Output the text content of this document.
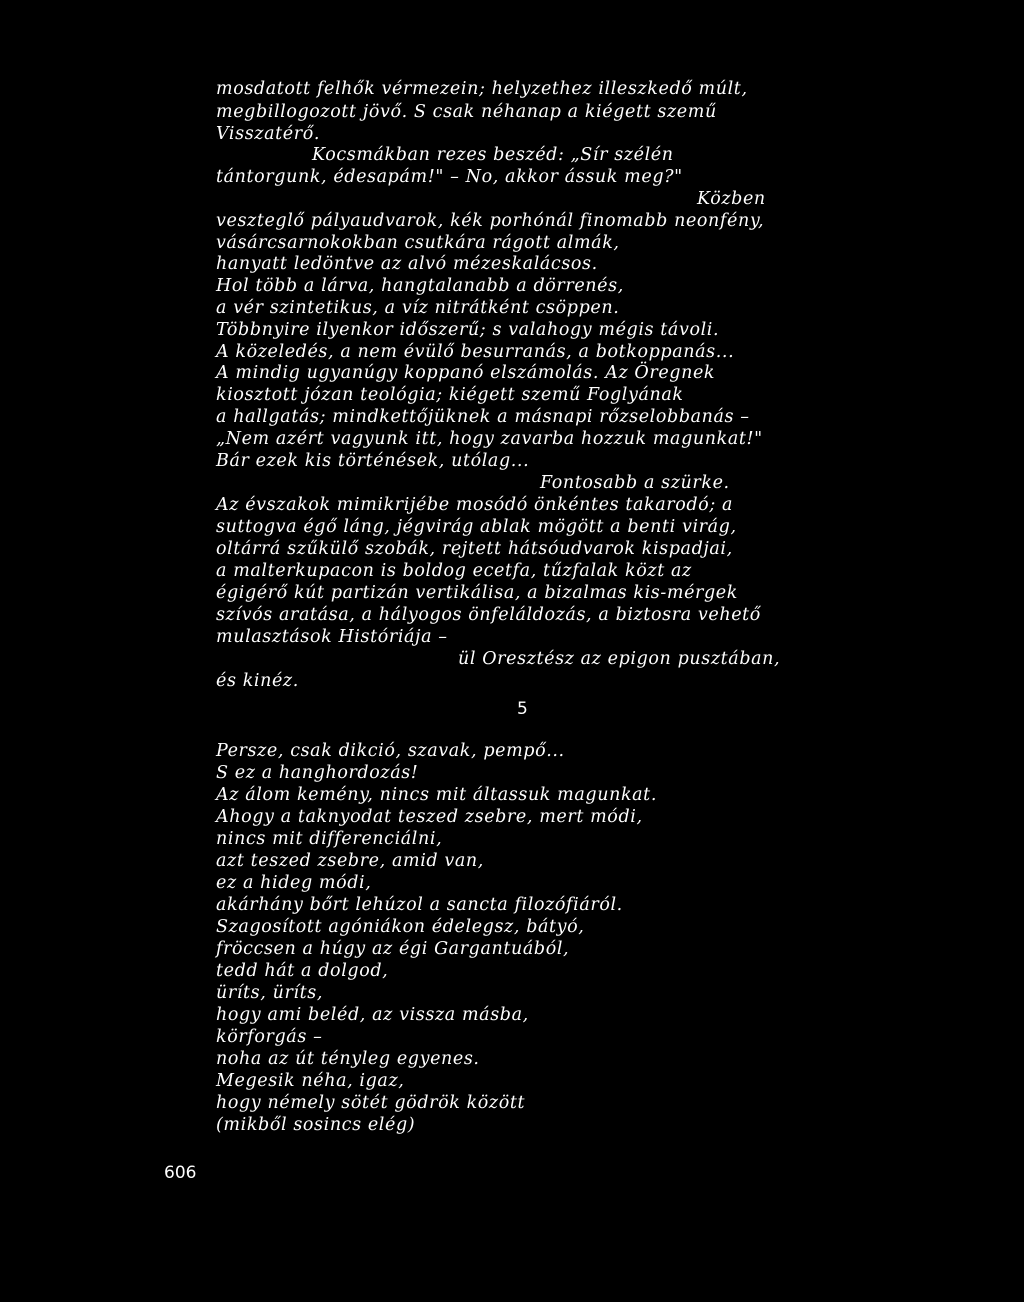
mosdatott felhők vérmezein; helyzethez illeszkedő múlt,
megbillogozott jövő. S csak néhanap a kiégett szemű
Visszatérő.
Kocsmákban rezes beszéd: „Sír szélén
tántorgunk, édesapám!" – No, akkor ássuk meg?"
Közben
veszteglő pályaudvarok, kék porhónál finomabb neonfény,
vásárcsarnokokban csutkára rágott almák,
hanyatt ledöntve az alvó mézeskalácsos.
Hol több a lárva, hangtalanabb a dörrenés,
a vér szintetikus, a víz nitrátként csöppen.
Többnyire ilyenkor időszerű; s valahogy mégis távoli.
A közeledés, a nem évülő besurranás, a botkoppanás...
A mindig ugyanúgy koppanó elszámolás. Az Öregnek
kiosztott józan teológia; kiégett szemű Foglyának
a hallgatás; mindkettőjüknek a másnapi rőzselobbanás –
„Nem azért vagyunk itt, hogy zavarba hozzuk magunkat!"
Bár ezek kis történések, utólag...
Fontosabb a szürke.
Az évszakok mimikrijébe mosódó önkéntes takarodó; a
suttogva égő láng, jégvirág ablak mögött a benti virág,
oltárrá szűkülő szobák, rejtett hátsóudvarok kispadjai,
a malterkupacon is boldog ecetfa, tűzfalak közt az
égigérő kút partizán vertikálisa, a bizalmas kis-mérgek
szívós aratása, a hályogos önfeláldozás, a biztosra vehető
mulasztások Históriája –
ül Oresztész az epigon pusztában,
és kinéz.
5
Persze, csak dikció, szavak, pempő...
S ez a hanghordozás!
Az álom kemény, nincs mit áltassuk magunkat.
Ahogy a taknyodat teszed zsebre, mert módi,
nincs mit differenciálni,
azt teszed zsebre, amid van,
ez a hideg módi,
akárhány bőrt lehúzol a sancta filozófiáról.
Szagosított agóniákon édelegsz, bátyó,
fröccsen a húgy az égi Gargantuából,
tedd hát a dolgod,
üríts, üríts,
hogy ami beléd, az vissza másba,
körforgás –
noha az út tényleg egyenes.
Megesik néha, igaz,
hogy némely sötét gödrök között
(mikből sosincs elég)
606
